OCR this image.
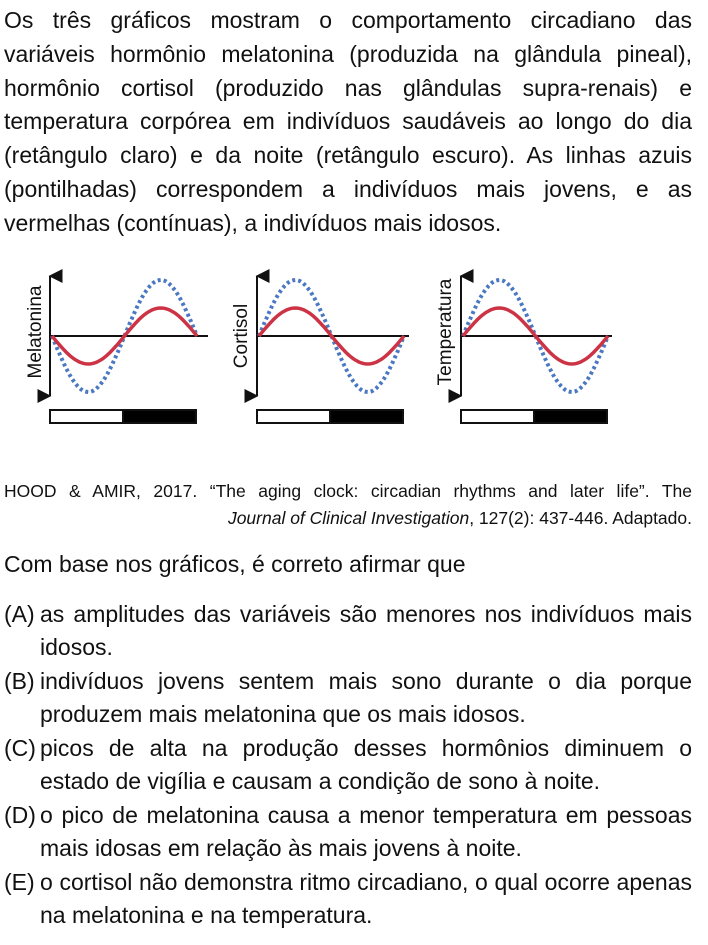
Os três gráficos mostram o comportamento circadiano das variáveis hormônio melatonina (produzida na glândula pineal), hormônio cortisol (produzido nas glândulas supra-renais) e temperatura corpórea em indivíduos saudáveis ao longo do dia (retângulo claro) e da noite (retângulo escuro). As linhas azuis (pontilhadas) correspondem a indivíduos mais jovens, e as vermelhas (contínuas), a indivíduos mais idosos.
Melatonina	Cortisol	Temperatura
HOOD & AMIR, 2017. “The aging clock: circadian rhythms and later life”. The
Journal of Clinical Investigation, 127(2): 437-446. Adaptado.
Com base nos gráficos, é correto afirmar que
(A) as amplitudes das variáveis são menores nos indivíduos mais idosos.
(B) indivíduos jovens sentem mais sono durante o dia porque produzem mais melatonina que os mais idosos.
(C) picos de alta na produção desses hormônios diminuem o estado de vigília e causam a condição de sono à noite.
(D) o pico de melatonina causa a menor temperatura em pessoas mais idosas em relação às mais jovens à noite.
(E) o cortisol não demonstra ritmo circadiano, o qual ocorre apenas na melatonina e na temperatura.
